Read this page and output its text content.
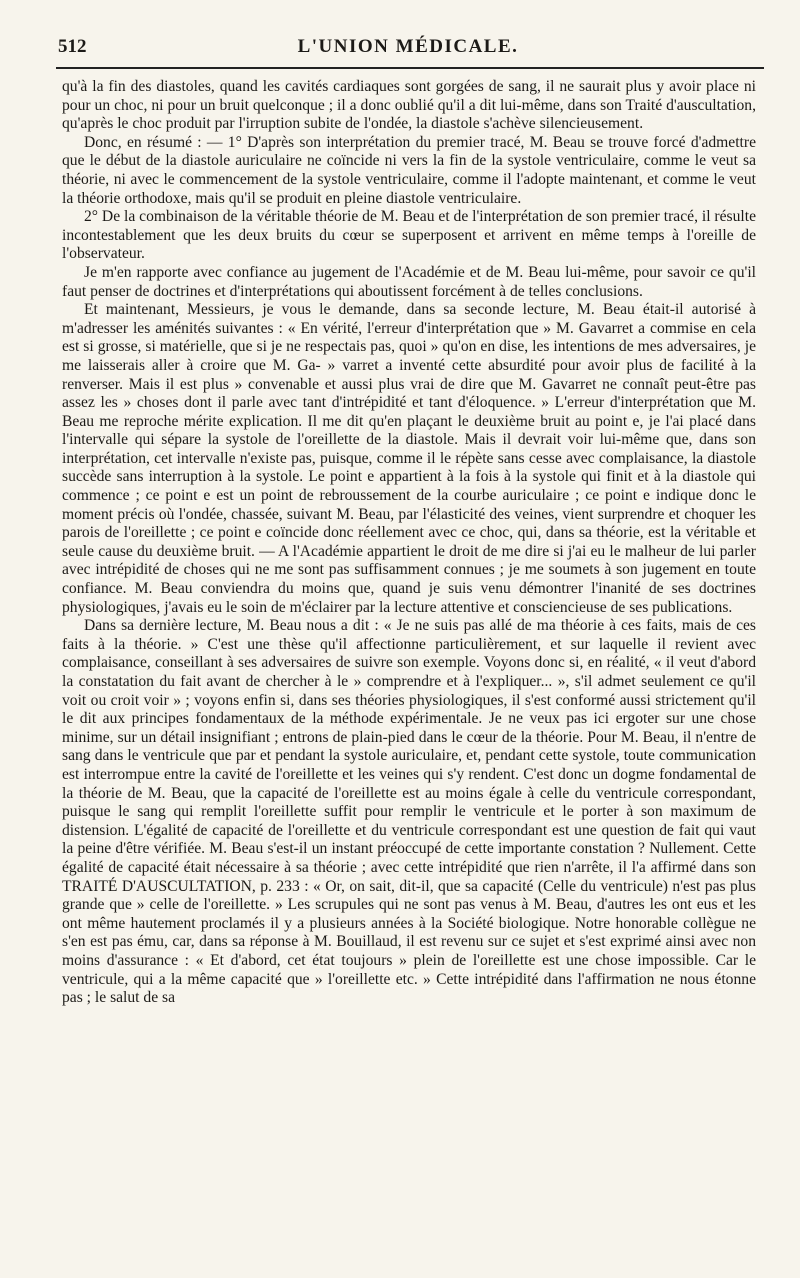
512	L'UNION MÉDICALE.

qu'à la fin des diastoles, quand les cavités cardiaques sont gorgées de sang, il ne saurait plus y avoir place ni pour un choc, ni pour un bruit quelconque ; il a donc oublié qu'il a dit lui-même, dans son Traité d'auscultation, qu'après le choc produit par l'irruption subite de l'ondée, la diastole s'achève silencieusement.

Donc, en résumé : — 1° D'après son interprétation du premier tracé, M. Beau se trouve forcé d'admettre que le début de la diastole auriculaire ne coïncide ni vers la fin de la systole ventriculaire, comme le veut sa théorie, ni avec le commencement de la systole ventriculaire, comme il l'adopte maintenant, et comme le veut la théorie orthodoxe, mais qu'il se produit en pleine diastole ventriculaire.

2° De la combinaison de la véritable théorie de M. Beau et de l'interprétation de son premier tracé, il résulte incontestablement que les deux bruits du cœur se superposent et arrivent en même temps à l'oreille de l'observateur.

Je m'en rapporte avec confiance au jugement de l'Académie et de M. Beau lui-même, pour savoir ce qu'il faut penser de doctrines et d'interprétations qui aboutissent forcément à de telles conclusions.

Et maintenant, Messieurs, je vous le demande, dans sa seconde lecture, M. Beau était-il autorisé à m'adresser les aménités suivantes : « En vérité, l'erreur d'interprétation que » M. Gavarret a commise en cela est si grosse, si matérielle, que si je ne respectais pas, quoi » qu'on en dise, les intentions de mes adversaires, je me laisserais aller à croire que M. Ga- » varret a inventé cette absurdité pour avoir plus de facilité à la renverser. Mais il est plus » convenable et aussi plus vrai de dire que M. Gavarret ne connaît peut-être pas assez les » choses dont il parle avec tant d'intrépidité et tant d'éloquence. » L'erreur d'interprétation que M. Beau me reproche mérite explication. Il me dit qu'en plaçant le deuxième bruit au point e, je l'ai placé dans l'intervalle qui sépare la systole de l'oreillette de la diastole. Mais il devrait voir lui-même que, dans son interprétation, cet intervalle n'existe pas, puisque, comme il le répète sans cesse avec complaisance, la diastole succède sans interruption à la systole. Le point e appartient à la fois à la systole qui finit et à la diastole qui commence ; ce point e est un point de rebroussement de la courbe auriculaire ; ce point e indique donc le moment précis où l'ondée, chassée, suivant M. Beau, par l'élasticité des veines, vient surprendre et choquer les parois de l'oreillette ; ce point e coïncide donc réellement avec ce choc, qui, dans sa théorie, est la véritable et seule cause du deuxième bruit. — A l'Académie appartient le droit de me dire si j'ai eu le malheur de lui parler avec intrépidité de choses qui ne me sont pas suffisamment connues ; je me soumets à son jugement en toute confiance. M. Beau conviendra du moins que, quand je suis venu démontrer l'inanité de ses doctrines physiologiques, j'avais eu le soin de m'éclairer par la lecture attentive et consciencieuse de ses publications.

Dans sa dernière lecture, M. Beau nous a dit : « Je ne suis pas allé de ma théorie à ces faits, mais de ces faits à la théorie. » C'est une thèse qu'il affectionne particulièrement, et sur laquelle il revient avec complaisance, conseillant à ses adversaires de suivre son exemple. Voyons donc si, en réalité, « il veut d'abord la constatation du fait avant de chercher à le » comprendre et à l'expliquer... », s'il admet seulement ce qu'il voit ou croit voir » ; voyons enfin si, dans ses théories physiologiques, il s'est conformé aussi strictement qu'il le dit aux principes fondamentaux de la méthode expérimentale. Je ne veux pas ici ergoter sur une chose minime, sur un détail insignifiant ; entrons de plain-pied dans le cœur de la théorie. Pour M. Beau, il n'entre de sang dans le ventricule que par et pendant la systole auriculaire, et, pendant cette systole, toute communication est interrompue entre la cavité de l'oreillette et les veines qui s'y rendent. C'est donc un dogme fondamental de la théorie de M. Beau, que la capacité de l'oreillette est au moins égale à celle du ventricule correspondant, puisque le sang qui remplit l'oreillette suffit pour remplir le ventricule et le porter à son maximum de distension. L'égalité de capacité de l'oreillette et du ventricule correspondant est une question de fait qui vaut la peine d'être vérifiée. M. Beau s'est-il un instant préoccupé de cette importante constation ? Nullement. Cette égalité de capacité était nécessaire à sa théorie ; avec cette intrépidité que rien n'arrête, il l'a affirmé dans son TRAITÉ D'AUSCULTATION, p. 233 : « Or, on sait, dit-il, que sa capacité (Celle du ventricule) n'est pas plus grande que » celle de l'oreillette. » Les scrupules qui ne sont pas venus à M. Beau, d'autres les ont eus et les ont même hautement proclamés il y a plusieurs années à la Société biologique. Notre honorable collègue ne s'en est pas ému, car, dans sa réponse à M. Bouillaud, il est revenu sur ce sujet et s'est exprimé ainsi avec non moins d'assurance : « Et d'abord, cet état toujours » plein de l'oreillette est une chose impossible. Car le ventricule, qui a la même capacité que » l'oreillette etc. » Cette intrépidité dans l'affirmation ne nous étonne pas ; le salut de sa
